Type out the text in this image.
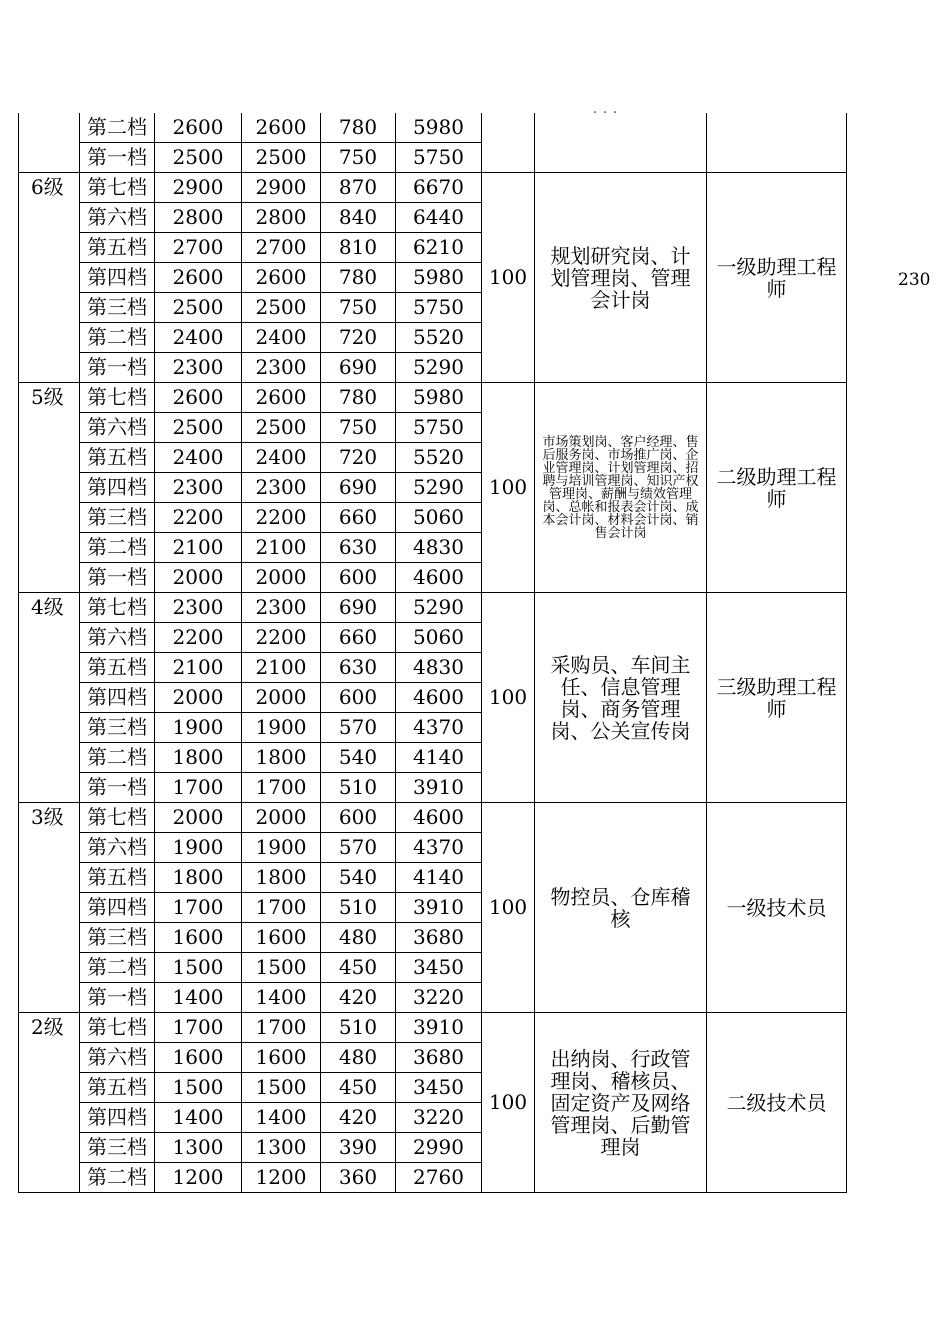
・・・
	第二档	2600	2600	780	5980			
	第一档	2500	2500	750	5750			
6级	第七档	2900	2900	870	6670	100	规划研究岗、计划管理岗、管理会计岗	一级助理工程师
	第六档	2800	2800	840	6440			
	第五档	2700	2700	810	6210			
	第四档	2600	2600	780	5980			
	第三档	2500	2500	750	5750			
	第二档	2400	2400	720	5520			
	第一档	2300	2300	690	5290			
5级	第七档	2600	2600	780	5980	100	市场策划岗、客户经理、售后服务岗、市场推广岗、企业管理岗、计划管理岗、招聘与培训管理岗、知识产权管理岗、薪酬与绩效管理岗、总帐和报表会计岗、成本会计岗、材料会计岗、销售会计岗	二级助理工程师
	第六档	2500	2500	750	5750			
	第五档	2400	2400	720	5520			
	第四档	2300	2300	690	5290			
	第三档	2200	2200	660	5060			
	第二档	2100	2100	630	4830			
	第一档	2000	2000	600	4600			
4级	第七档	2300	2300	690	5290	100	采购员、车间主任、信息管理岗、商务管理岗、公关宣传岗	三级助理工程师
	第六档	2200	2200	660	5060			
	第五档	2100	2100	630	4830			
	第四档	2000	2000	600	4600			
	第三档	1900	1900	570	4370			
	第二档	1800	1800	540	4140			
	第一档	1700	1700	510	3910			
3级	第七档	2000	2000	600	4600	100	物控员、仓库稽核	一级技术员
	第六档	1900	1900	570	4370			
	第五档	1800	1800	540	4140			
	第四档	1700	1700	510	3910			
	第三档	1600	1600	480	3680			
	第二档	1500	1500	450	3450			
	第一档	1400	1400	420	3220			
2级	第七档	1700	1700	510	3910	100	出纳岗、行政管理岗、稽核员、固定资产及网络管理岗、后勤管理岗	二级技术员
	第六档	1600	1600	480	3680			
	第五档	1500	1500	450	3450			
	第四档	1400	1400	420	3220			
	第三档	1300	1300	390	2990			
	第二档	1200	1200	360	2760			
230
